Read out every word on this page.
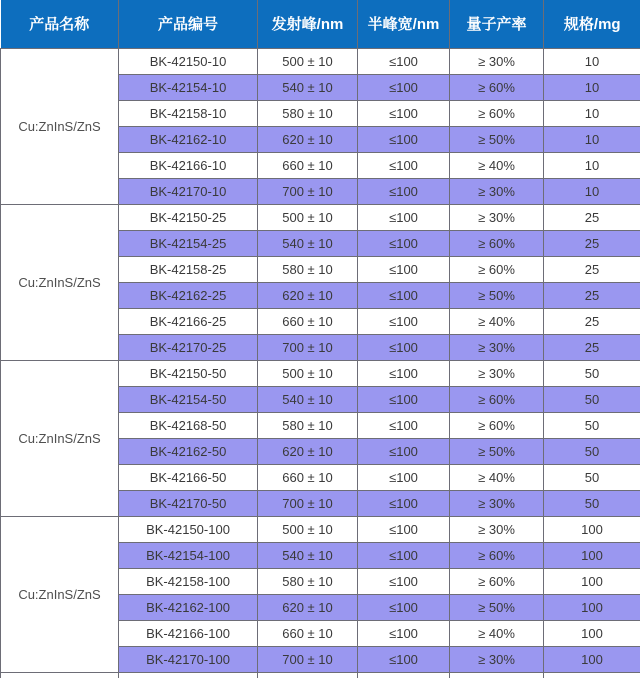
产品名称	产品编号	发射峰/nm	半峰宽/nm	量子产率	规格/mg
Cu:ZnInS/ZnS	BK-42150-10	500 ± 10	≤100	≥ 30%	10
	BK-42154-10	540 ± 10	≤100	≥ 60%	10
	BK-42158-10	580 ± 10	≤100	≥ 60%	10
	BK-42162-10	620 ± 10	≤100	≥ 50%	10
	BK-42166-10	660 ± 10	≤100	≥ 40%	10
	BK-42170-10	700 ± 10	≤100	≥ 30%	10
Cu:ZnInS/ZnS	BK-42150-25	500 ± 10	≤100	≥ 30%	25
	BK-42154-25	540 ± 10	≤100	≥ 60%	25
	BK-42158-25	580 ± 10	≤100	≥ 60%	25
	BK-42162-25	620 ± 10	≤100	≥ 50%	25
	BK-42166-25	660 ± 10	≤100	≥ 40%	25
	BK-42170-25	700 ± 10	≤100	≥ 30%	25
Cu:ZnInS/ZnS	BK-42150-50	500 ± 10	≤100	≥ 30%	50
	BK-42154-50	540 ± 10	≤100	≥ 60%	50
	BK-42168-50	580 ± 10	≤100	≥ 60%	50
	BK-42162-50	620 ± 10	≤100	≥ 50%	50
	BK-42166-50	660 ± 10	≤100	≥ 40%	50
	BK-42170-50	700 ± 10	≤100	≥ 30%	50
Cu:ZnInS/ZnS	BK-42150-100	500 ± 10	≤100	≥ 30%	100
	BK-42154-100	540 ± 10	≤100	≥ 60%	100
	BK-42158-100	580 ± 10	≤100	≥ 60%	100
	BK-42162-100	620 ± 10	≤100	≥ 50%	100
	BK-42166-100	660 ± 10	≤100	≥ 40%	100
	BK-42170-100	700 ± 10	≤100	≥ 30%	100
